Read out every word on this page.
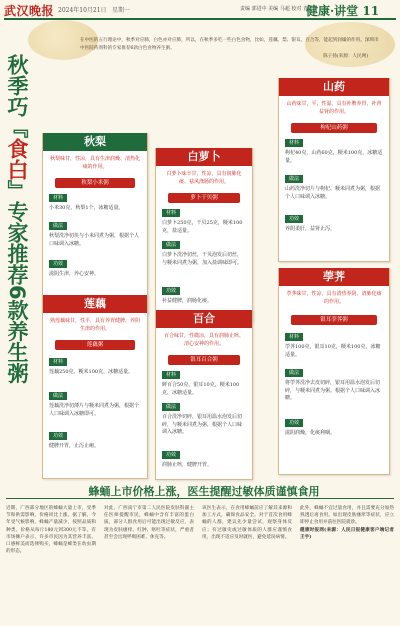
武汉晚报 2024年10月21日 星期一	责编 郭进中 美编 马超 校对 青子
健康·讲堂 11
秋季巧『食白』专家推荐6款养生粥
在中医的五行理论中，秋季对应肺，白色亦对应肺，所以，在秋季多吃一些白色食物，比如，莲藕、梨、银耳、百合等，能起到润燥的作用。深圳市中医院药剂科的专家推荐6款白色食物养生粥。
陈子扬(来源：人民网)
秋梨
秋梨味甘，性凉，具有生津润燥、清热化痰的作用。
秋梨小米粥
材料
小米30克，秋梨1个，冰糖适量。
做法
秋梨洗净切块与小米同煮为粥，根据个人口味调入冰糖。
功效
滋阴生津，养心安神。
白萝卜
白萝卜味辛甘，性凉，具有润肺化痰、祛风涤肠的作用。
萝卜干贝粥
材料
白萝卜250克，干贝25克，粳米100克，盐适量。
做法
白萝卜洗净切丝，干贝泡发后切丝，与粳米同煮为粥，加入盐调味即可。
功效
补益健脾，润肠化痰。
山药
山药味甘，平，性温，具有补脾养胃，补肾益肾的作用。
枸杞山药粥
材料
枸杞40克，山药60克，粳米100克，冰糖适量。
做法
山药洗净切片与枸杞、粳米同煮为粥，根据个人口味调入冰糖。
功效
养阴柔肝，益肾止泻。
莲藕
熟莲藕味甘，性平，具有养胃健脾、养阴生津的作用。
莲藕粥
材料
莲藕250克，粳米100克，冰糖适量。
做法
莲藕洗净切薄片与粳米同煮为粥，根据个人口味调入冰糖即可。
功效
健脾开胃，止泻止痢。
百合
百合味甘，性微凉，具有润肺止咳、清心安神的作用。
银耳百合粥
材料
鲜百合50克，银耳10克，粳米100克，冰糖适量。
做法
百合洗净切碎，银耳用温水泡发后切碎，与粳米同煮为粥，根据个人口味调入冰糖。
功效
润肺止咳，健脾开胃。
荸荠
荸荠味甘，性凉，具有清热养阴、清肺化痰的作用。
银耳荸荠粥
材料
荸荠100克，银耳10克，粳米100克，冰糖适量。
做法
将荸荠洗净去皮切碎，银耳用温水泡发后切碎，与粳米同煮为粥。根据个人口味调入冰糖。
功效
滋阴润燥，化痰利咽。
蜂蛹上市价格上涨，医生提醒过敏体质谨慎食用
近期，广西部分地区的蜂蛹大量上市，受季节和供需影响，价格同比上涨。据了解，今年受气候影响，蜂蛹产量减少，按照品质和种类，价格从每斤180元到300元不等。有市场摊户表示，许多市民因为其营养丰富、口感鲜美而选择购买，蜂蛹是蜂类在幼虫期的形态。
对此，广西南宁市第二人民医院皮肤科副主任医师提醒市民，蜂蛹中含有丰富的蛋白质，部分人群食用后可能出现过敏反应，表现为皮肤瘙痒、红肿、呕吐等症状，严重者甚至会出现呼吸困难、休克等。
该医生表示，在食用蜂蛹前应了解其来源和加工方式，确保食品安全。对于首次食用蜂蛹的人群，建议先少量尝试，观察身体反应；有过敏史或过敏体质的人群应谨慎食用，出现不适应及时就医，避免延误病情。
此外，蜂蛹不宜过量食用，并且需要充分加热熟透后再食用。如出现皮肤瘙痒等症状，应立即停止食用并前往医院就诊。
健康时报网(来源：人民日报健康客户端记者王宇)
